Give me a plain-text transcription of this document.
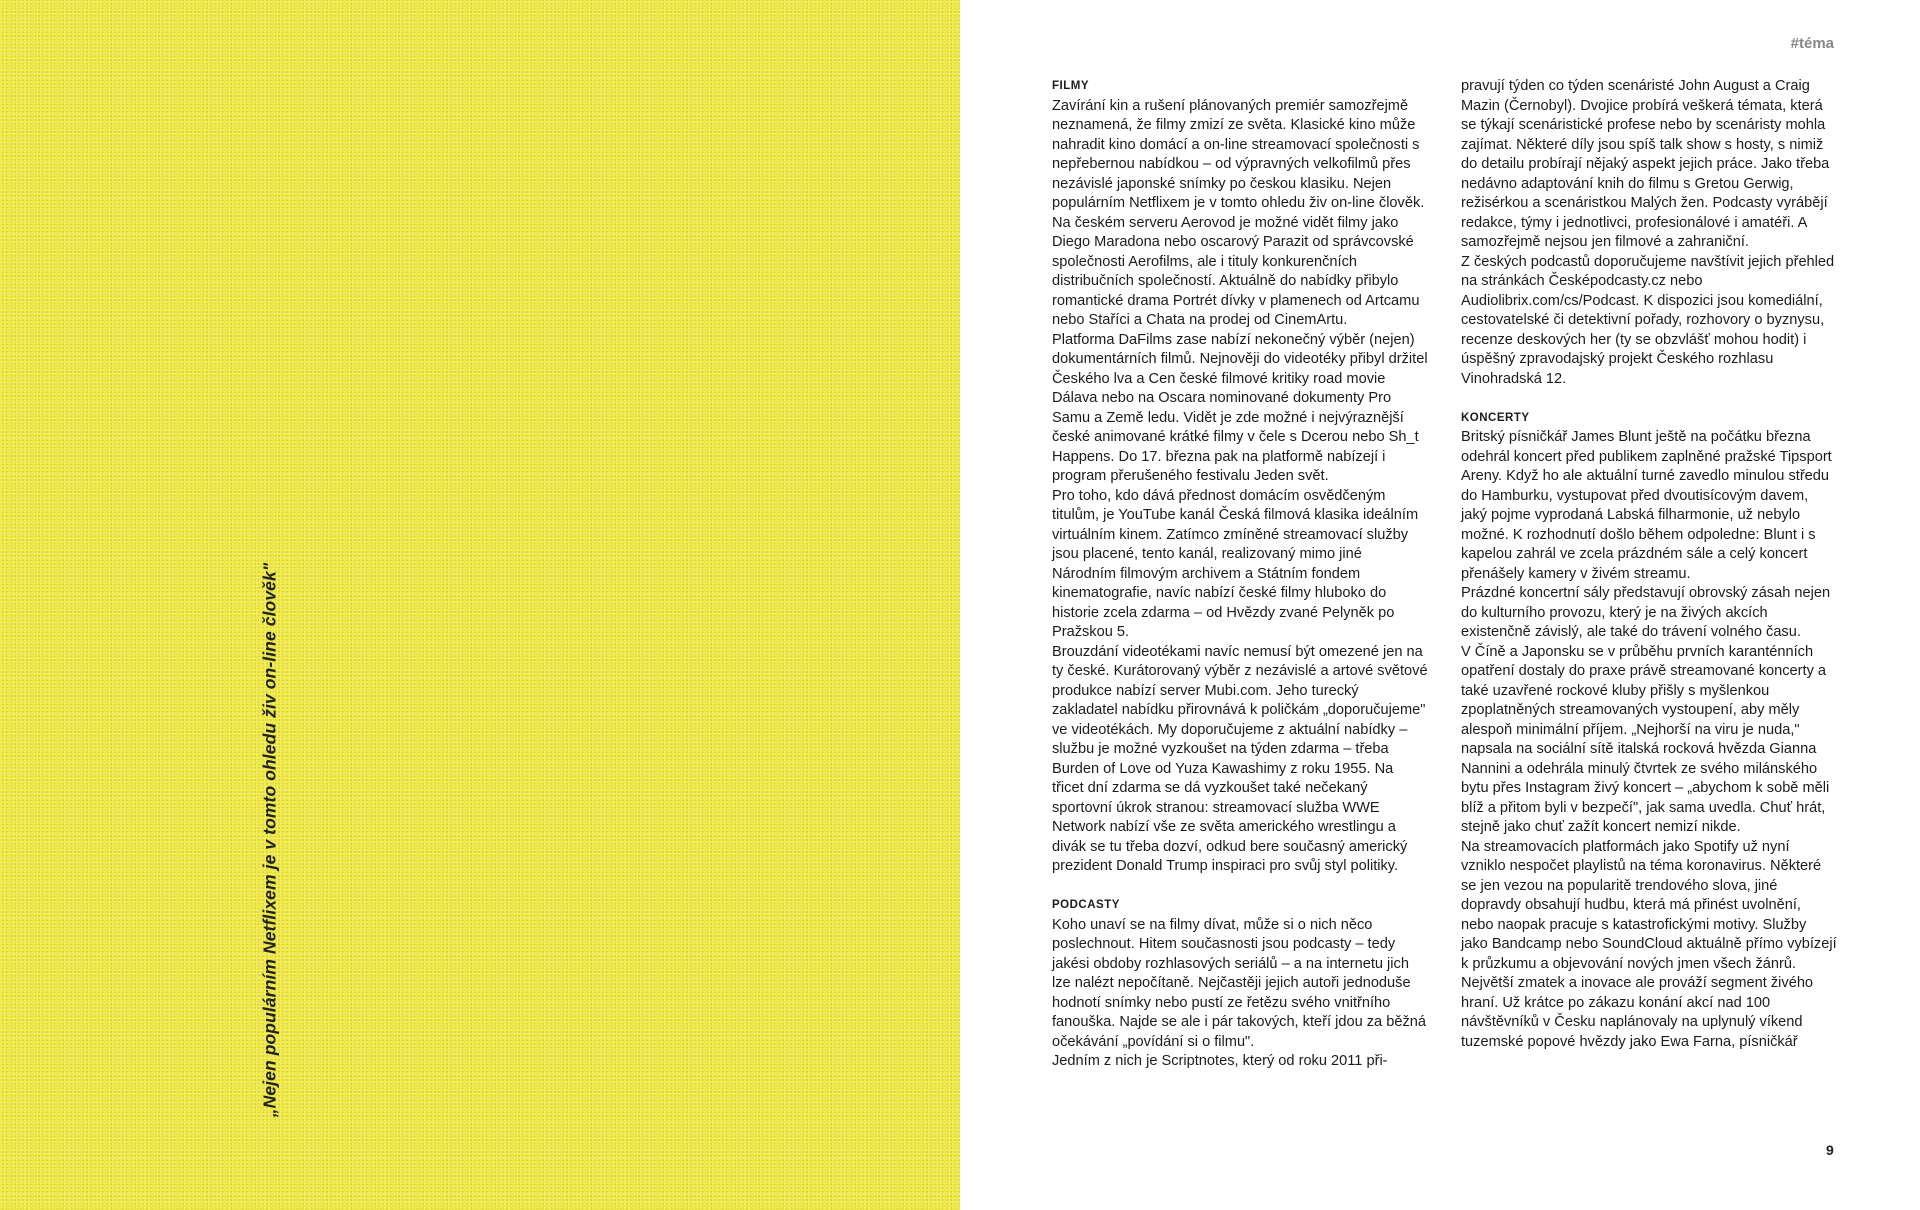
„Nejen populárním Netflixem je v tomto ohledu živ on-line člověk"
#téma
FILMY
Zavírání kin a rušení plánovaných premiér samozřejmě neznamená, že filmy zmizí ze světa. Klasické kino může nahradit kino domácí a on-line streamovací společnosti s nepřebernou nabídkou – od výpravných velkofilmů přes nezávislé japonské snímky po českou klasiku. Nejen populárním Netflixem je v tomto ohledu živ on-line člověk. Na českém serveru Aerovod je možné vidět filmy jako Diego Maradona nebo oscarový Parazit od správcovské společnosti Aerofilms, ale i tituly konkurenčních distribučních společností. Aktuálně do nabídky přibylo romantické drama Portrét dívky v plamenech od Artcamu nebo Staříci a Chata na prodej od CinemArtu.
Platforma DaFilms zase nabízí nekonečný výběr (nejen) dokumentárních filmů. Nejnověji do videotéky přibyl držitel Českého lva a Cen české filmové kritiky road movie Dálava nebo na Oscara nominované dokumenty Pro Samu a Země ledu. Vidět je zde možné i nejvýraznější české animované krátké filmy v čele s Dcerou nebo Sh_t Happens. Do 17. března pak na platformě nabízejí i program přerušeného festivalu Jeden svět.
Pro toho, kdo dává přednost domácím osvědčeným titulům, je YouTube kanál Česká filmová klasika ideálním virtuálním kinem. Zatímco zmíněné streamovací služby jsou placené, tento kanál, realizovaný mimo jiné Národním filmovým archivem a Státním fondem kinematografie, navíc nabízí české filmy hluboko do historie zcela zdarma – od Hvězdy zvané Pelyněk po Pražskou 5.
Brouzdání videotékami navíc nemusí být omezené jen na ty české. Kurátorovaný výběr z nezávislé a artové světové produkce nabízí server Mubi.com. Jeho turecký zakladatel nabídku přirovnává k poličkám „doporučujeme" ve videotékách. My doporučujeme z aktuální nabídky – službu je možné vyzkoušet na týden zdarma – třeba Burden of Love od Yuza Kawashimy z roku 1955. Na třicet dní zdarma se dá vyzkoušet také nečekaný sportovní úkrok stranou: streamovací služba WWE Network nabízí vše ze světa amerického wrestlingu a divák se tu třeba dozví, odkud bere současný americký prezident Donald Trump inspiraci pro svůj styl politiky.
PODCASTY
Koho unaví se na filmy dívat, může si o nich něco poslechnout. Hitem současnosti jsou podcasty – tedy jakési obdoby rozhlasových seriálů – a na internetu jich lze nalézt nepočítaně. Nejčastěji jejich autoři jednoduše hodnotí snímky nebo pustí ze řetězu svého vnitřního fanouška. Najde se ale i pár takových, kteří jdou za běžná očekávání „povídání si o filmu".
Jedním z nich je Scriptnotes, který od roku 2011 při-
pravují týden co týden scenáristé John August a Craig Mazin (Černobyl). Dvojice probírá veškerá témata, která se týkají scenáristické profese nebo by scenáristy mohla zajímat. Některé díly jsou spíš talk show s hosty, s nimiž do detailu probírají nějaký aspekt jejich práce. Jako třeba nedávno adaptování knih do filmu s Gretou Gerwig, režisérkou a scenáristkou Malých žen. Podcasty vyrábějí redakce, týmy i jednotlivci, profesionálové i amatéři. A samozřejmě nejsou jen filmové a zahraniční.
Z českých podcastů doporučujeme navštívit jejich přehled na stránkách Česképodcasty.cz nebo Audiolibrix.com/cs/Podcast. K dispozici jsou komediální, cestovatelské či detektivní pořady, rozhovory o byznysu, recenze deskových her (ty se obzvlášť mohou hodit) i úspěšný zpravodajský projekt Českého rozhlasu Vinohradská 12.
KONCERTY
Britský písničkář James Blunt ještě na počátku března odehrál koncert před publikem zaplněné pražské Tipsport Areny. Když ho ale aktuální turné zavedlo minulou středu do Hamburku, vystupovat před dvoutisícovým davem, jaký pojme vyprodaná Labská filharmonie, už nebylo možné. K rozhodnutí došlo během odpoledne: Blunt i s kapelou zahrál ve zcela prázdném sále a celý koncert přenášely kamery v živém streamu.
Prázdné koncertní sály představují obrovský zásah nejen do kulturního provozu, který je na živých akcích existenčně závislý, ale také do trávení volného času.
V Číně a Japonsku se v průběhu prvních karanténních opatření dostaly do praxe právě streamované koncerty a také uzavřené rockové kluby přišly s myšlenkou zpoplatněných streamovaných vystoupení, aby měly alespoň minimální příjem. „Nejhorší na viru je nuda," napsala na sociální sítě italská rocková hvězda Gianna Nannini a odehrála minulý čtvrtek ze svého milánského bytu přes Instagram živý koncert – „abychom k sobě měli blíž a přitom byli v bezpečí", jak sama uvedla. Chuť hrát, stejně jako chuť zažít koncert nemizí nikde.
Na streamovacích platformách jako Spotify už nyní vzniklo nespočet playlistů na téma koronavirus. Některé se jen vezou na popularitě trendového slova, jiné dopravdy obsahují hudbu, která má přinést uvolnění, nebo naopak pracuje s katastrofickými motivy. Služby jako Bandcamp nebo SoundCloud aktuálně přímo vybízejí k průzkumu a objevování nových jmen všech žánrů.
Největší zmatek a inovace ale prováží segment živého hraní. Už krátce po zákazu konání akcí nad 100 návštěvníků v Česku naplánovaly na uplynulý víkend tuzemské popové hvězdy jako Ewa Farna, písničkář
9
